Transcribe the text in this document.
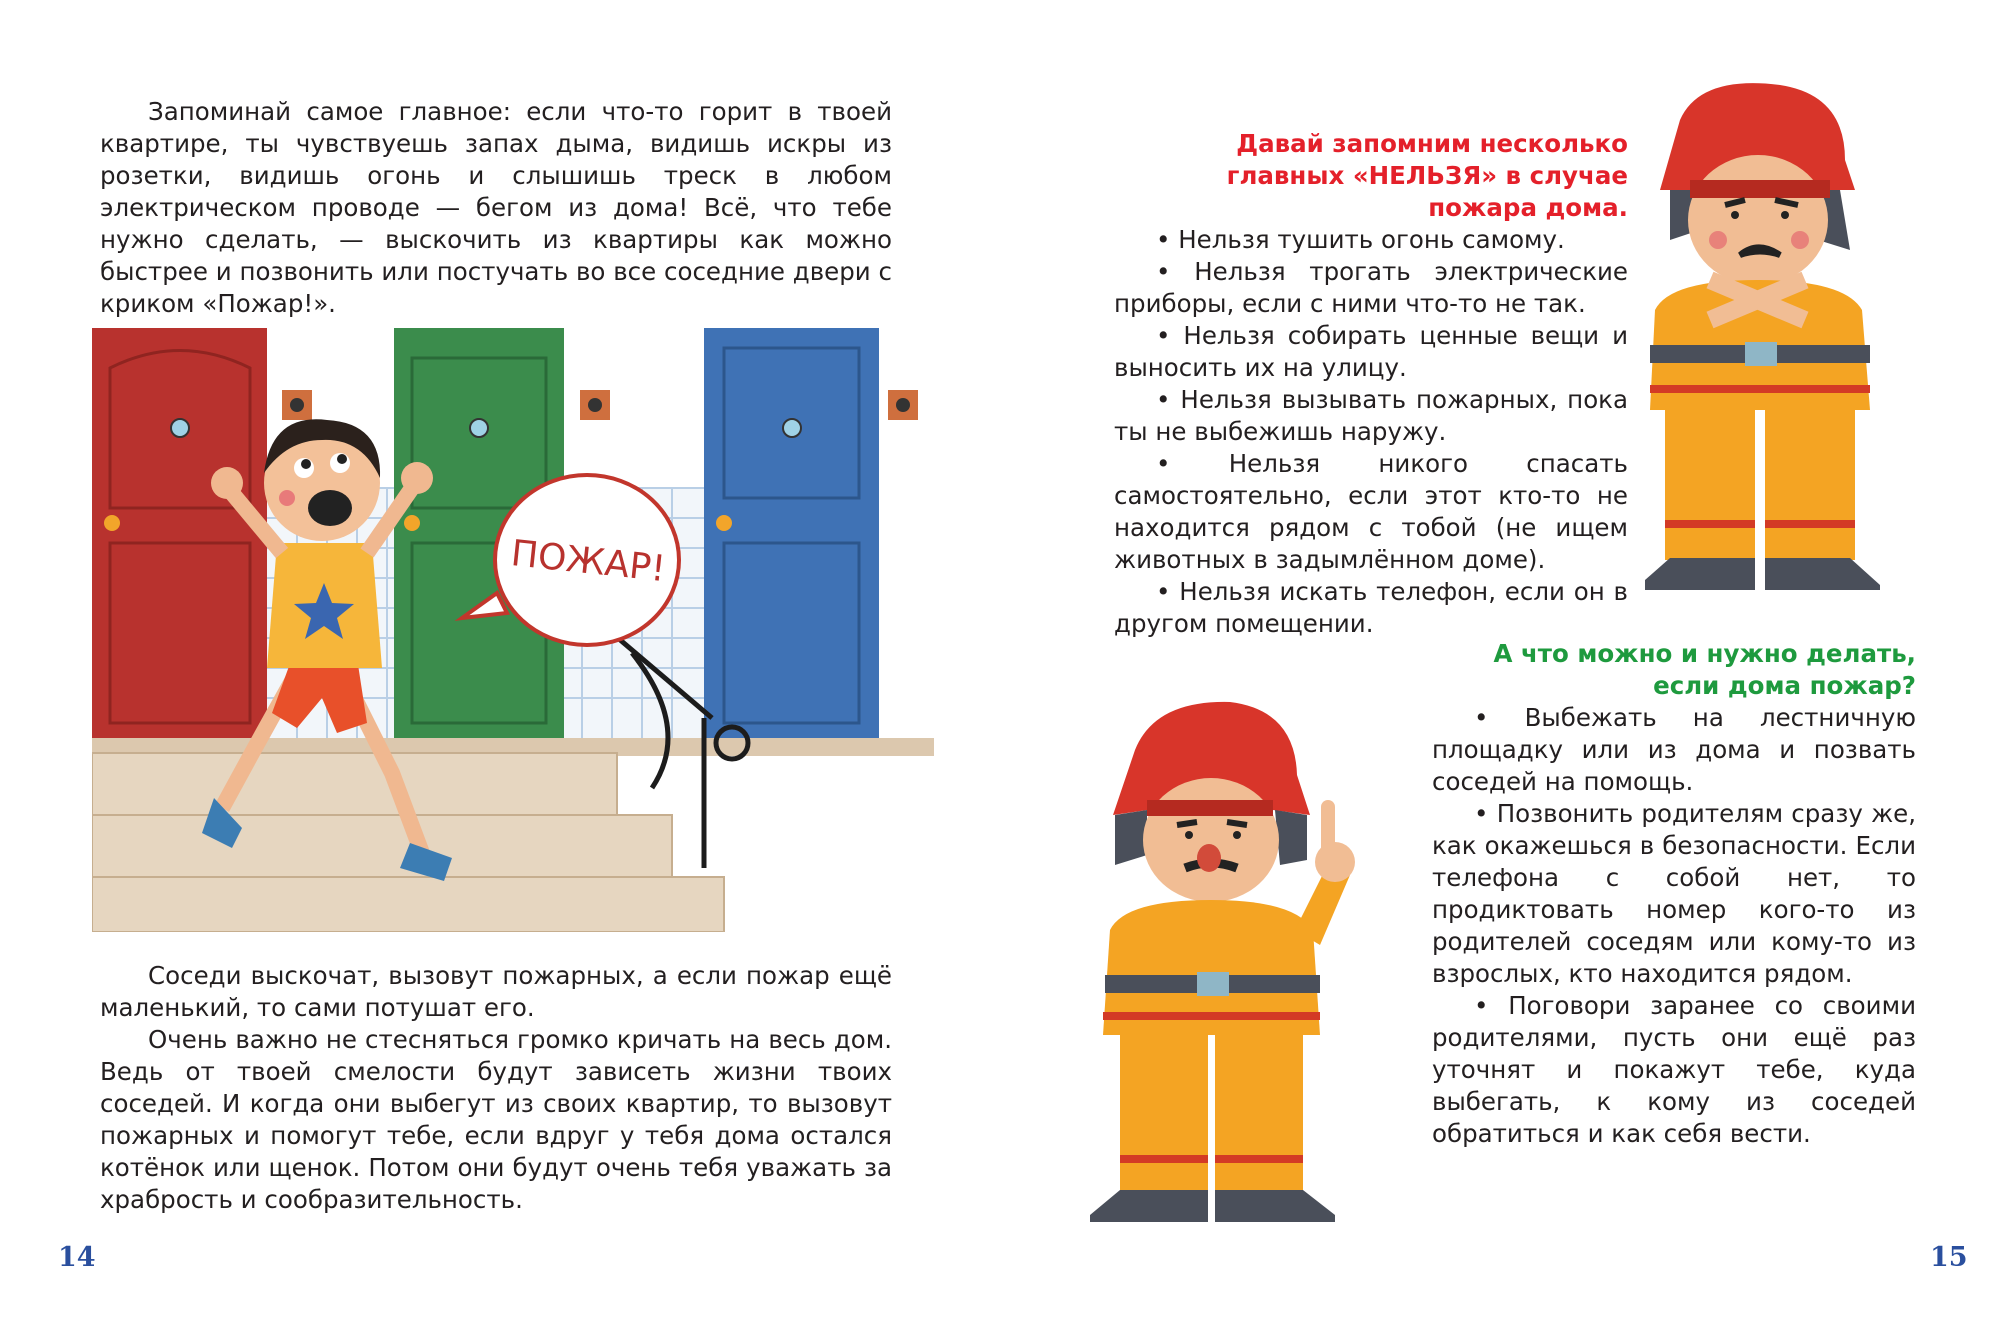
Запоминай самое главное: если что-то горит в твоей квартире, ты чувствуешь запах дыма, видишь искры из розетки, видишь огонь и слышишь треск в любом электрическом проводе — бегом из дома! Всё, что тебе нужно сделать, — выскочить из квартиры как можно быстрее и позвонить или постучать во все соседние двери с криком «Пожар!».

ПОЖАР!

Соседи выскочат, вызовут пожарных, а если пожар ещё маленький, то сами потушат его.

Очень важно не стесняться громко кричать на весь дом. Ведь от твоей смелости будут зависеть жизни твоих соседей. И когда они выбегут из своих квартир, то вызовут пожарных и помогут тебе, если вдруг у тебя дома остался котёнок или щенок. Потом они будут очень тебя уважать за храбрость и сообразительность.

14

Давай запомним несколько главных «НЕЛЬЗЯ» в случае пожара дома.

• Нельзя тушить огонь самому.

• Нельзя трогать электрические приборы, если с ними что-то не так.

• Нельзя собирать ценные вещи и выносить их на улицу.

• Нельзя вызывать пожарных, пока ты не выбежишь наружу.

• Нельзя никого спасать самостоятельно, если этот кто-то не находится рядом с тобой (не ищем животных в задымлённом доме).

• Нельзя искать телефон, если он в другом помещении.

А что можно и нужно делать, если дома пожар?

• Выбежать на лестничную площадку или из дома и позвать соседей на помощь.

• Позвонить родителям сразу же, как окажешься в безопасности. Если телефона с собой нет, то продиктовать номер кого-то из родителей соседям или кому-то из взрослых, кто находится рядом.

• Поговори заранее со своими родителями, пусть они ещё раз уточнят и покажут тебе, куда выбегать, к кому из соседей обратиться и как себя вести.

15
